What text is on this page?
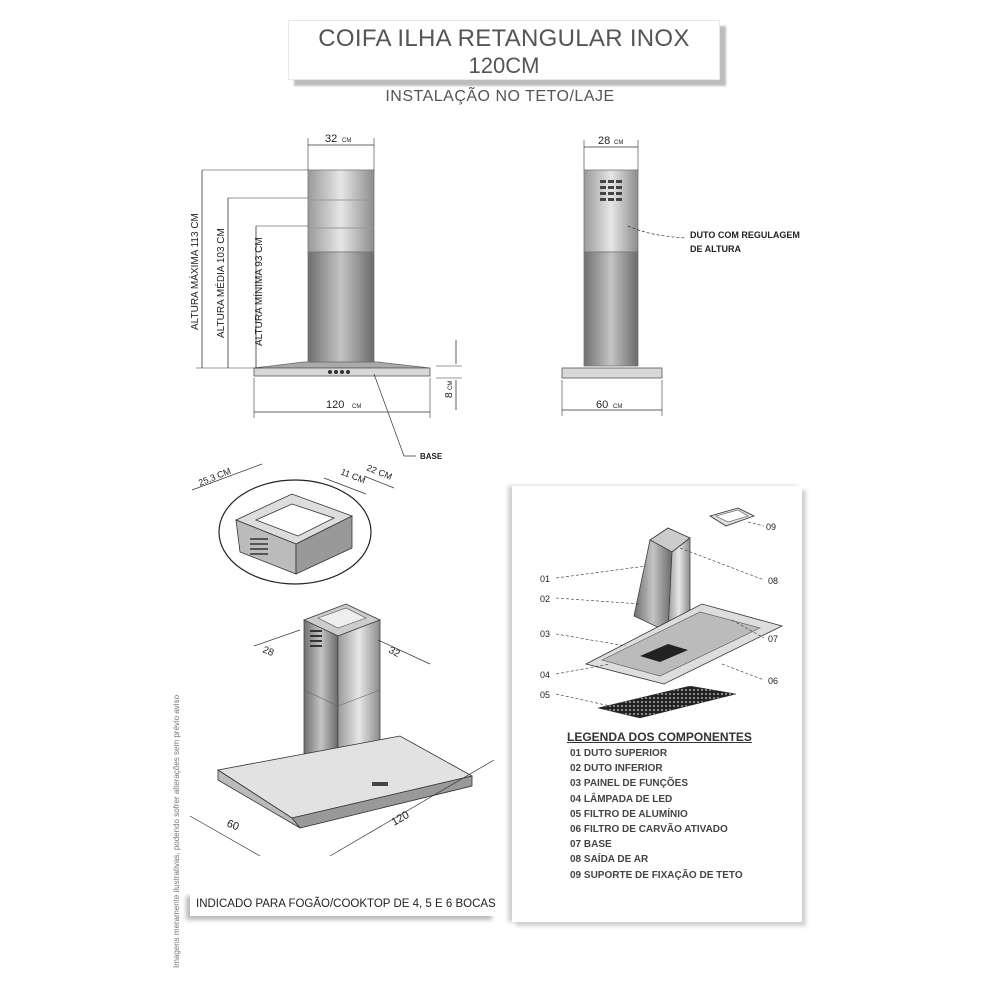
COIFA ILHA RETANGULAR INOX
120CM
INSTALAÇÃO NO TETO/LAJE
32 CM
120 CM
8
CM
ALTURA MÁXIMA 113 CM ALTURA MÉDIA 103 CM	ALTURA MÍNIMA 93 CM
BASE
28 CM
60 CM
DUTO COM REGULAGEM
DE ALTURA
25,3 CM	11 CM
22 CM
28	32
60	120
01
02
03
04
05
06
07
08
09
LEGENDA DOS COMPONENTES
01 DUTO SUPERIOR
02 DUTO INFERIOR
03 PAINEL DE FUNÇÕES
04 LÂMPADA DE LED
05 FILTRO DE ALUMÍNIO
06 FILTRO DE CARVÃO ATIVADO
07 BASE
08 SAÍDA DE AR
09 SUPORTE DE FIXAÇÃO DE TETO
INDICADO PARA FOGÃO/COOKTOP DE 4, 5 E 6 BOCAS
Imagens meramente ilustrativas, podendo sofrer alterações sem prévio aviso
